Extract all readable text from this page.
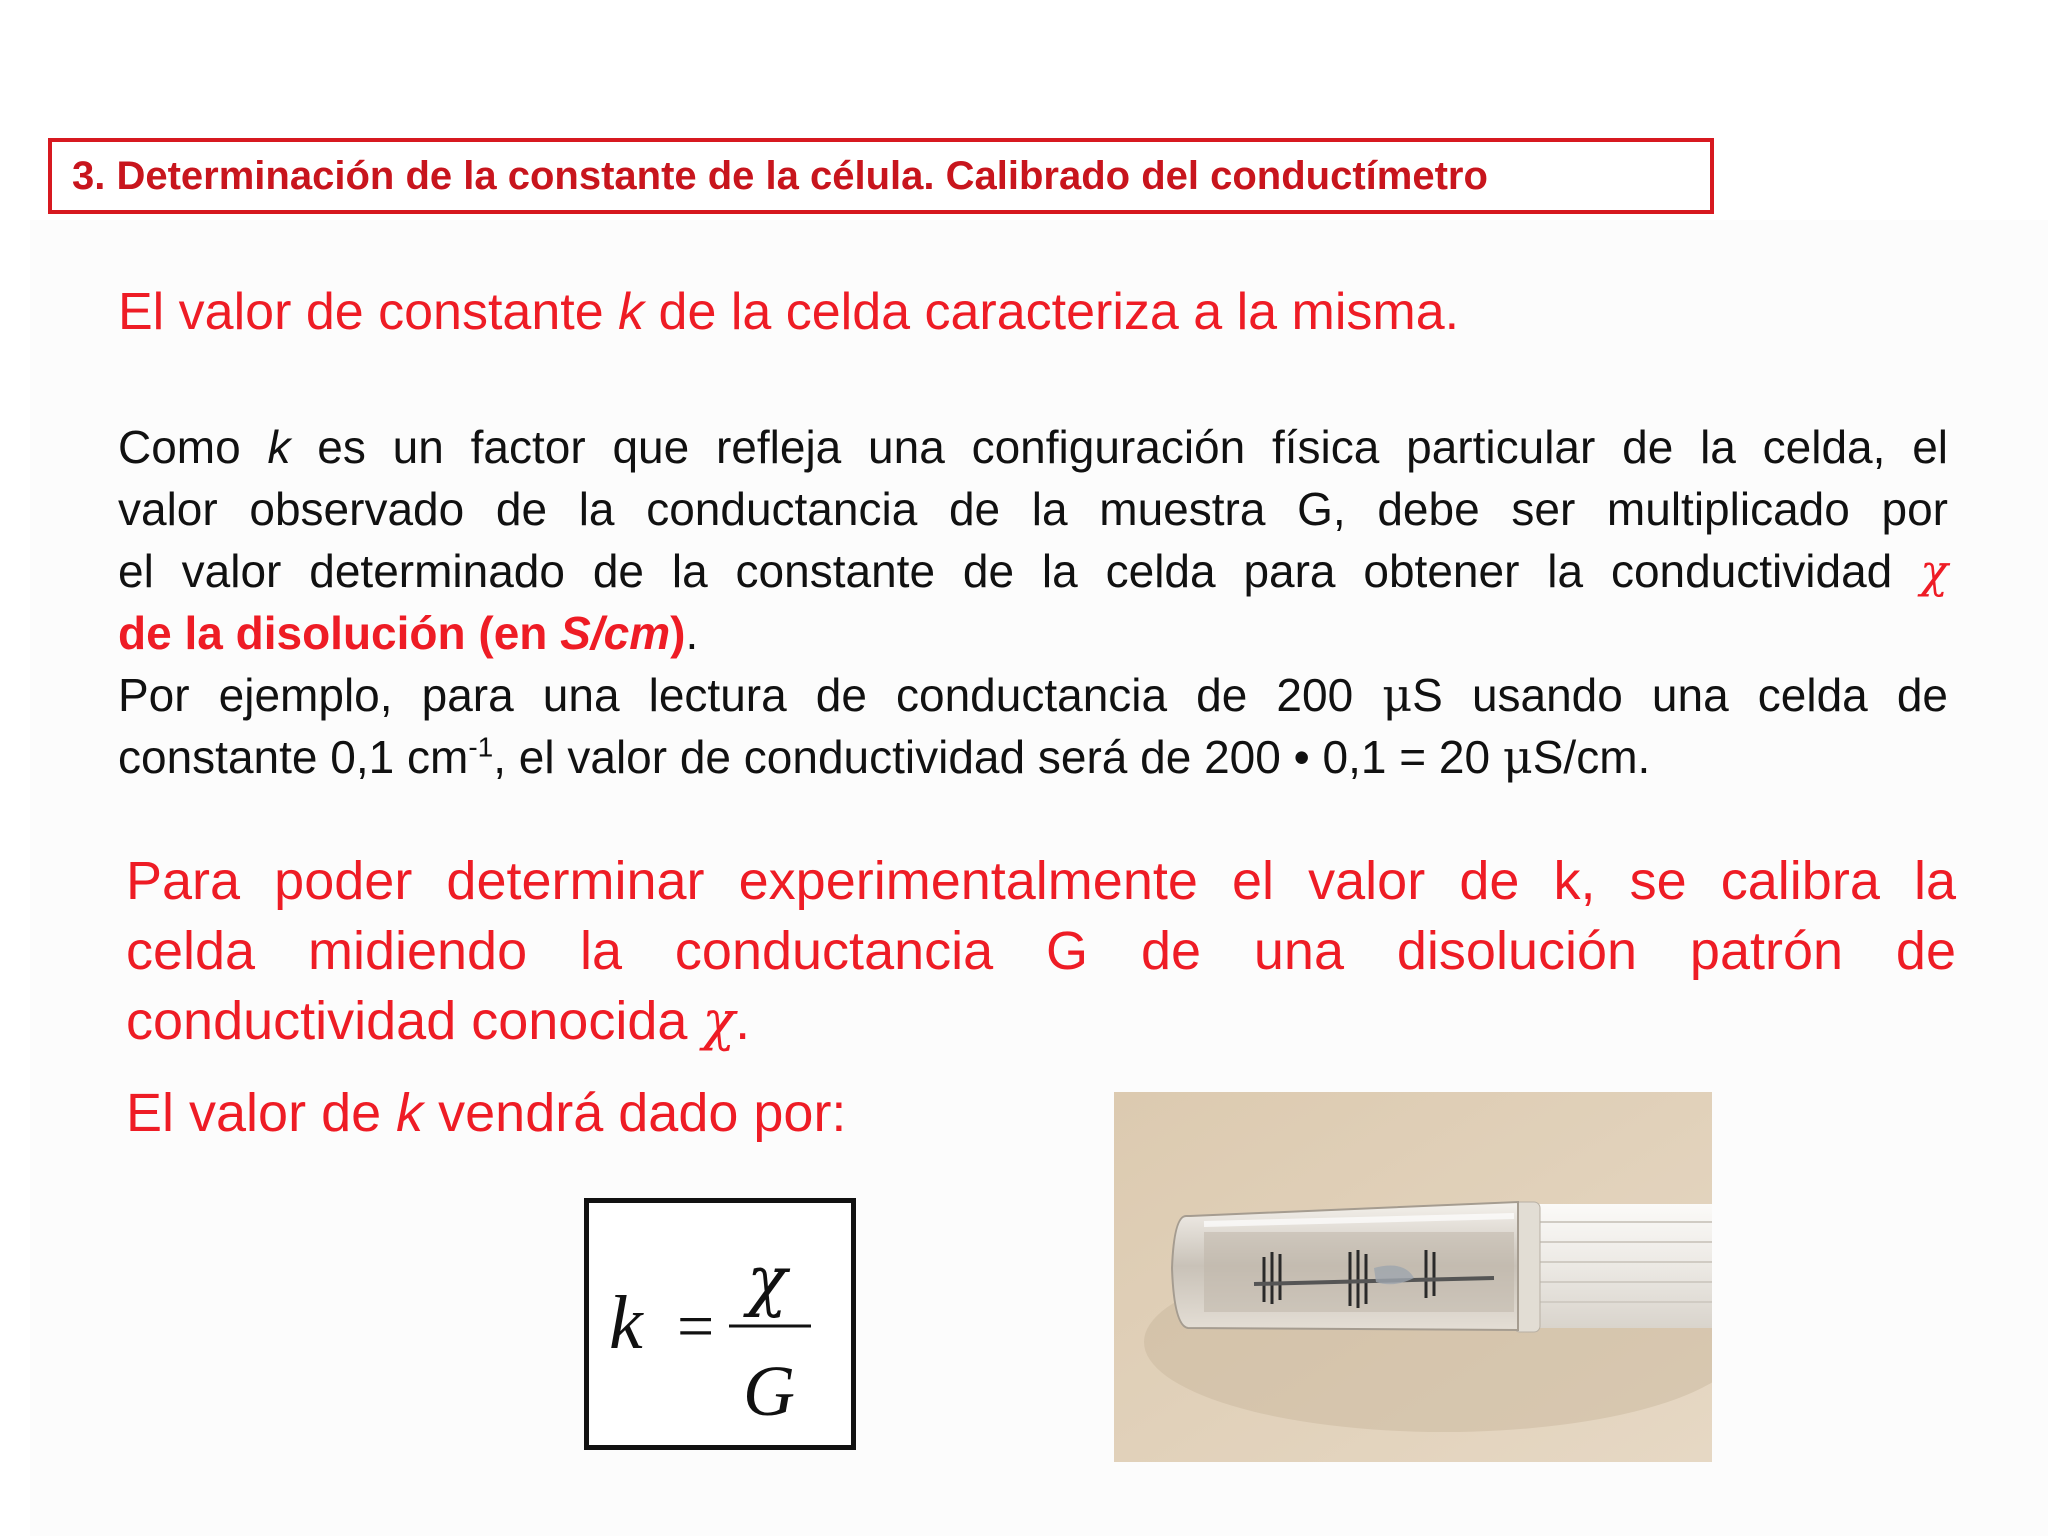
3. Determinación de la constante de la célula. Calibrado del conductímetro
El valor de constante k de la celda caracteriza a la misma.
Como k es un factor que refleja una configuración física particular de la celda, el
valor observado de la conductancia de la muestra G, debe ser multiplicado por
el valor determinado de la constante de la celda para obtener la conductividad χ
de la disolución (en S/cm).
Por ejemplo, para una lectura de conductancia de 200 μS usando una celda de
constante 0,1 $cm^{-1}$, el valor de conductividad será de 200 • 0,1 = 20 μS/cm.
Para poder determinar experimentalmente el valor de k, se calibra la
celda midiendo la conductancia G de una disolución patrón de
conductividad conocida χ.
El valor de k vendrá dado por:
k =
χ
G
